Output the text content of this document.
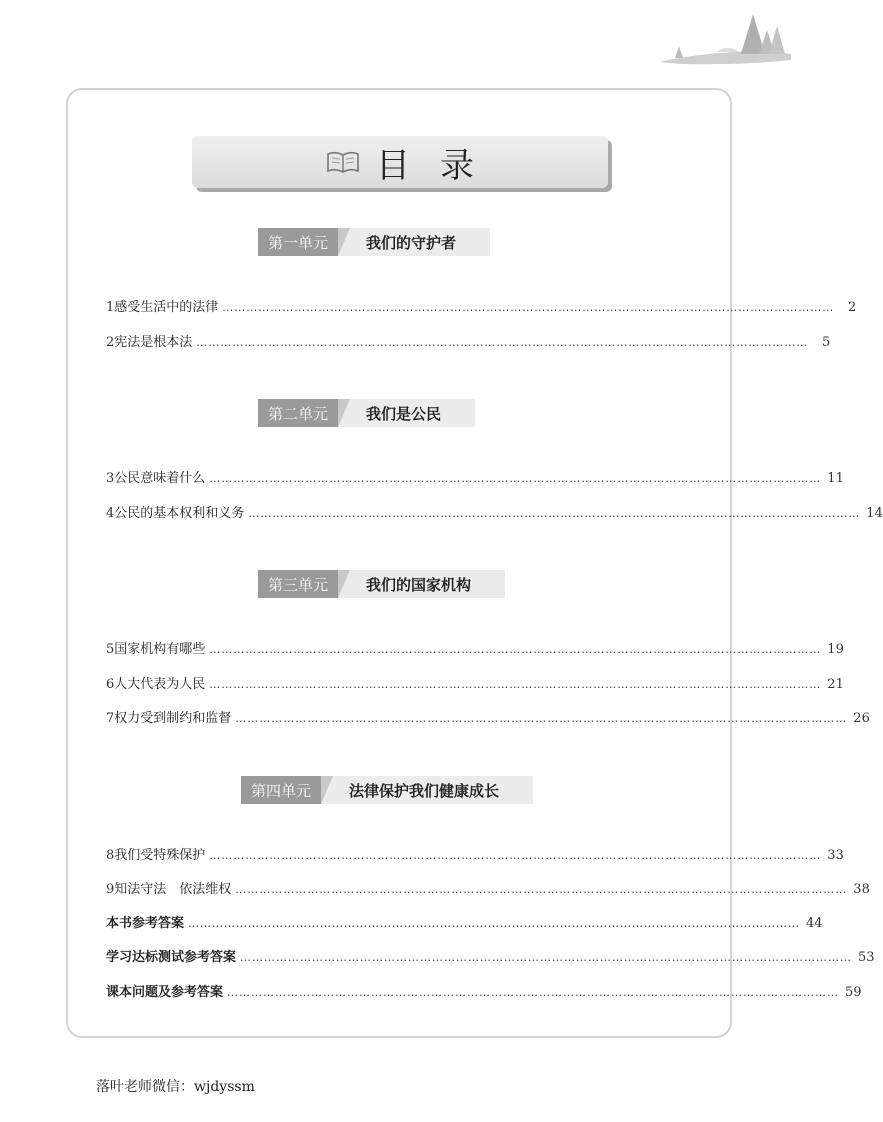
目录
第一单元	我们的守护者
1 感受生活中的法律 ………………………………………………………………………………………………………………………………………	2
2 宪法是根本法 ………………………………………………………………………………………………………………………………………	5
第二单元	我们是公民
3 公民意味着什么 ……………………………………………………………………………………………………………………………………… 11
4 公民的基本权利和义务 ……………………………………………………………………………………………………………………………………… 14
第三单元	我们的国家机构
5 国家机构有哪些 ……………………………………………………………………………………………………………………………………… 19
6 人大代表为人民 ……………………………………………………………………………………………………………………………………… 21
7 权力受到制约和监督 ……………………………………………………………………………………………………………………………………… 26
第四单元	法律保护我们健康成长
8 我们受特殊保护 ……………………………………………………………………………………………………………………………………… 33
9 知法守法　依法维权 ……………………………………………………………………………………………………………………………………… 38
本书参考答案 ……………………………………………………………………………………………………………………………………… 44
学习达标测试参考答案 ……………………………………………………………………………………………………………………………………… 53
课本问题及参考答案 ……………………………………………………………………………………………………………………………………… 59
落叶老师微信：wjdyssm
